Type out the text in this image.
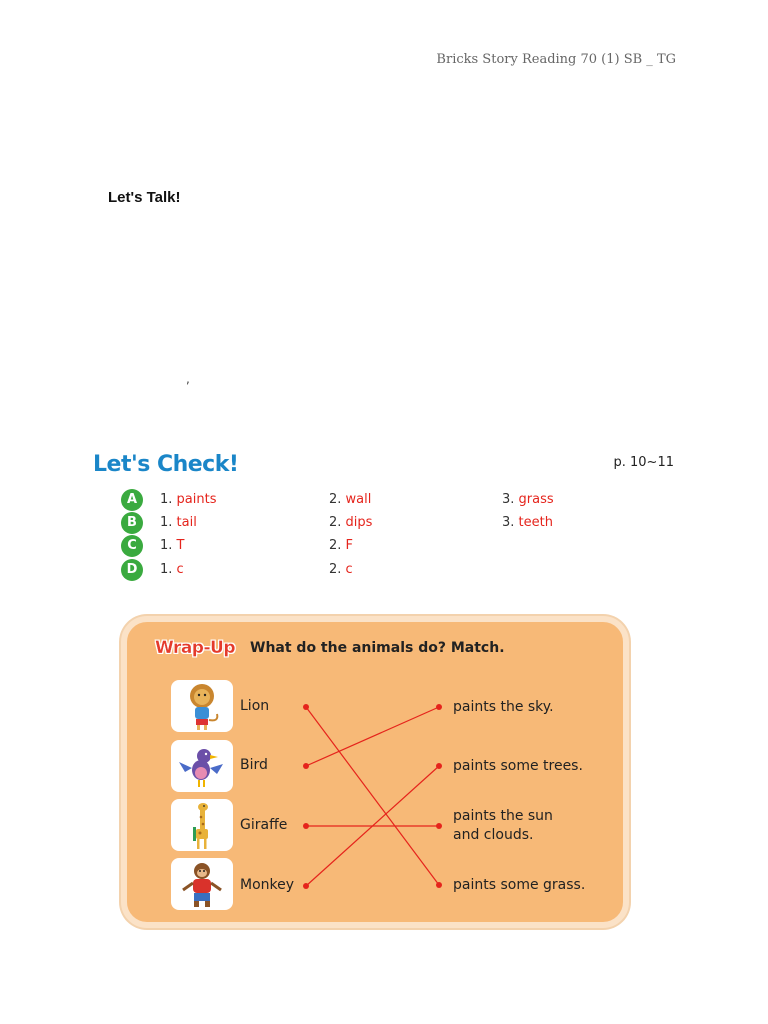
Bricks Story Reading 70 (1) SB _ TG
Let's Talk!
,
Let's Check!	p. 10~11
A	1. paints	2. wall	3. grass
B	1. tail	2. dips	3. teeth
C	1. T	2. F
D	1. c	2. c
Wrap-Up What do the animals do? Match.
Lion
Bird
Giraffe
Monkey
paints the sky.
paints some trees.
paints the sun
and clouds.
paints some grass.
